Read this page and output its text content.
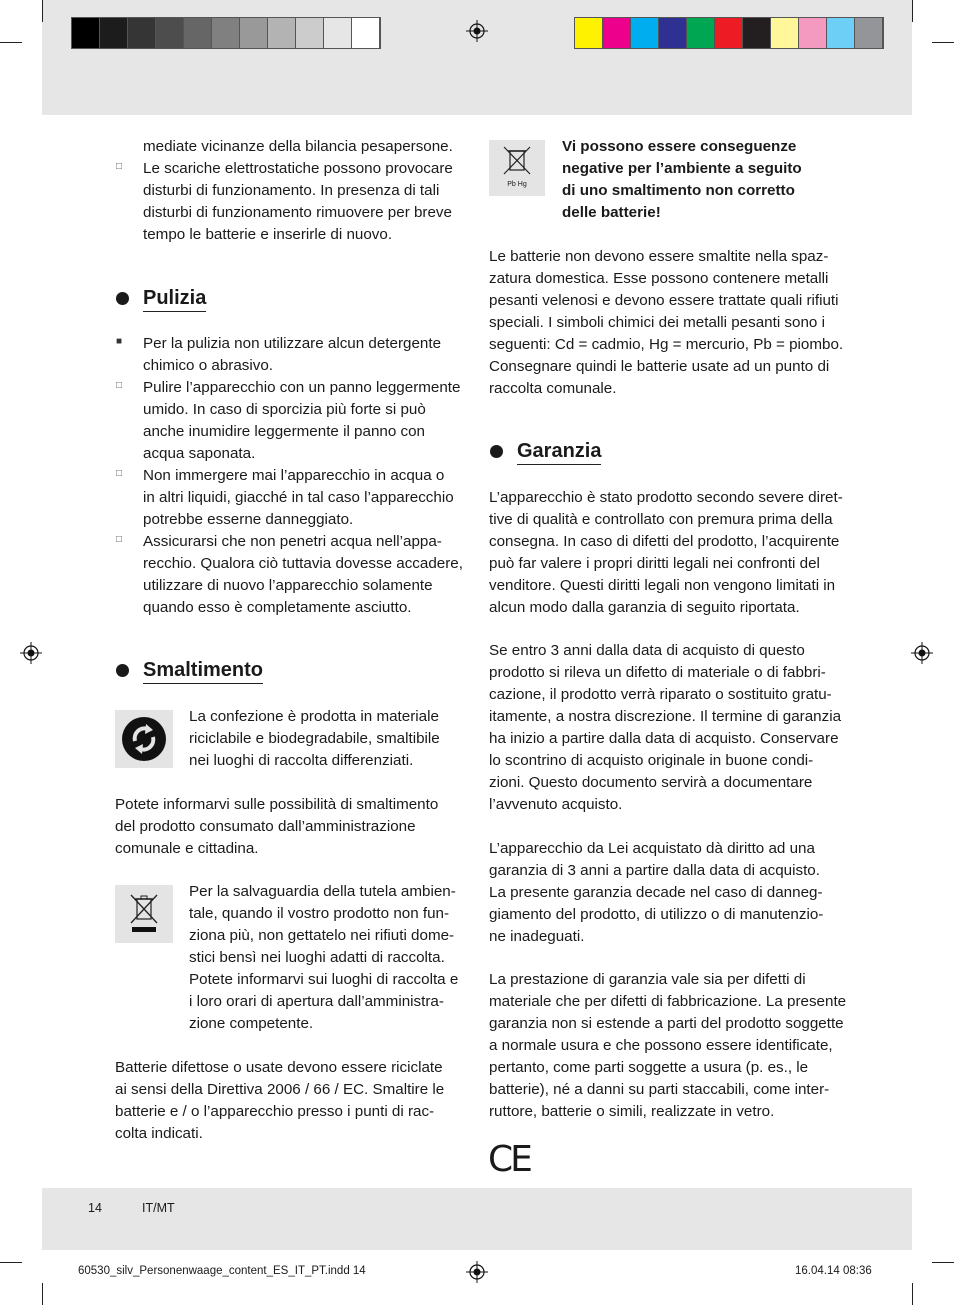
mediate vicinanze della bilancia pesapersone.
□ Le scariche elettrostatiche possono provocare
disturbi di funzionamento. In presenza di tali
disturbi di funzionamento rimuovere per breve
tempo le batterie e inserirle di nuovo.
Pulizia
■ Per la pulizia non utilizzare alcun detergente
chimico o abrasivo.
□ Pulire l’apparecchio con un panno leggermente
umido. In caso di sporcizia più forte si può
anche inumidire leggermente il panno con
acqua saponata.
□ Non immergere mai l’apparecchio in acqua o
in altri liquidi, giacché in tal caso l’apparecchio
potrebbe esserne danneggiato.
□ Assicurarsi che non penetri acqua nell’appa-
recchio. Qualora ciò tuttavia dovesse accadere,
utilizzare di nuovo l’apparecchio solamente
quando esso è completamente asciutto.
Smaltimento
La confezione è prodotta in materiale
riciclabile e biodegradabile, smaltibile
nei luoghi di raccolta differenziati.
Potete informarvi sulle possibilità di smaltimento
del prodotto consumato dall’amministrazione
comunale e cittadina.
Per la salvaguardia della tutela ambien-
tale, quando il vostro prodotto non fun-
ziona più, non gettatelo nei rifiuti dome-
stici bensì nei luoghi adatti di raccolta.
Potete informarvi sui luoghi di raccolta e
i loro orari di apertura dall’amministra-
zione competente.
Batterie difettose o usate devono essere riciclate
ai sensi della Direttiva 2006 / 66 / EC. Smaltire le
batterie e / o l’apparecchio presso i punti di rac-
colta indicati.
Pb Hg
Vi possono essere conseguenze
negative per l’ambiente a seguito
di uno smaltimento non corretto
delle batterie!
Le batterie non devono essere smaltite nella spaz-
zatura domestica. Esse possono contenere metalli
pesanti velenosi e devono essere trattate quali rifiuti
speciali. I simboli chimici dei metalli pesanti sono i
seguenti: Cd = cadmio, Hg = mercurio, Pb = piombo.
Consegnare quindi le batterie usate ad un punto di
raccolta comunale.
Garanzia
L’apparecchio è stato prodotto secondo severe diret-
tive di qualità e controllato con premura prima della
consegna. In caso di difetti del prodotto, l’acquirente
può far valere i propri diritti legali nei confronti del
venditore. Questi diritti legali non vengono limitati in
alcun modo dalla garanzia di seguito riportata.
Se entro 3 anni dalla data di acquisto di questo
prodotto si rileva un difetto di materiale o di fabbri-
cazione, il prodotto verrà riparato o sostituito gratu-
itamente, a nostra discrezione. Il termine di garanzia
ha inizio a partire dalla data di acquisto. Conservare
lo scontrino di acquisto originale in buone condi-
zioni. Questo documento servirà a documentare
l’avvenuto acquisto.
L’apparecchio da Lei acquistato dà diritto ad una
garanzia di 3 anni a partire dalla data di acquisto.
La presente garanzia decade nel caso di danneg-
giamento del prodotto, di utilizzo o di manutenzio-
ne inadeguati.
La prestazione di garanzia vale sia per difetti di
materiale che per difetti di fabbricazione. La presente
garanzia non si estende a parti del prodotto soggette
a normale usura e che possono essere identificate,
pertanto, come parti soggette a usura (p. es., le
batterie), né a danni su parti staccabili, come inter-
ruttore, batterie o simili, realizzate in vetro.
CE
14	IT/MT
60530_silv_Personenwaage_content_ES_IT_PT.indd 14	16.04.14 08:36
